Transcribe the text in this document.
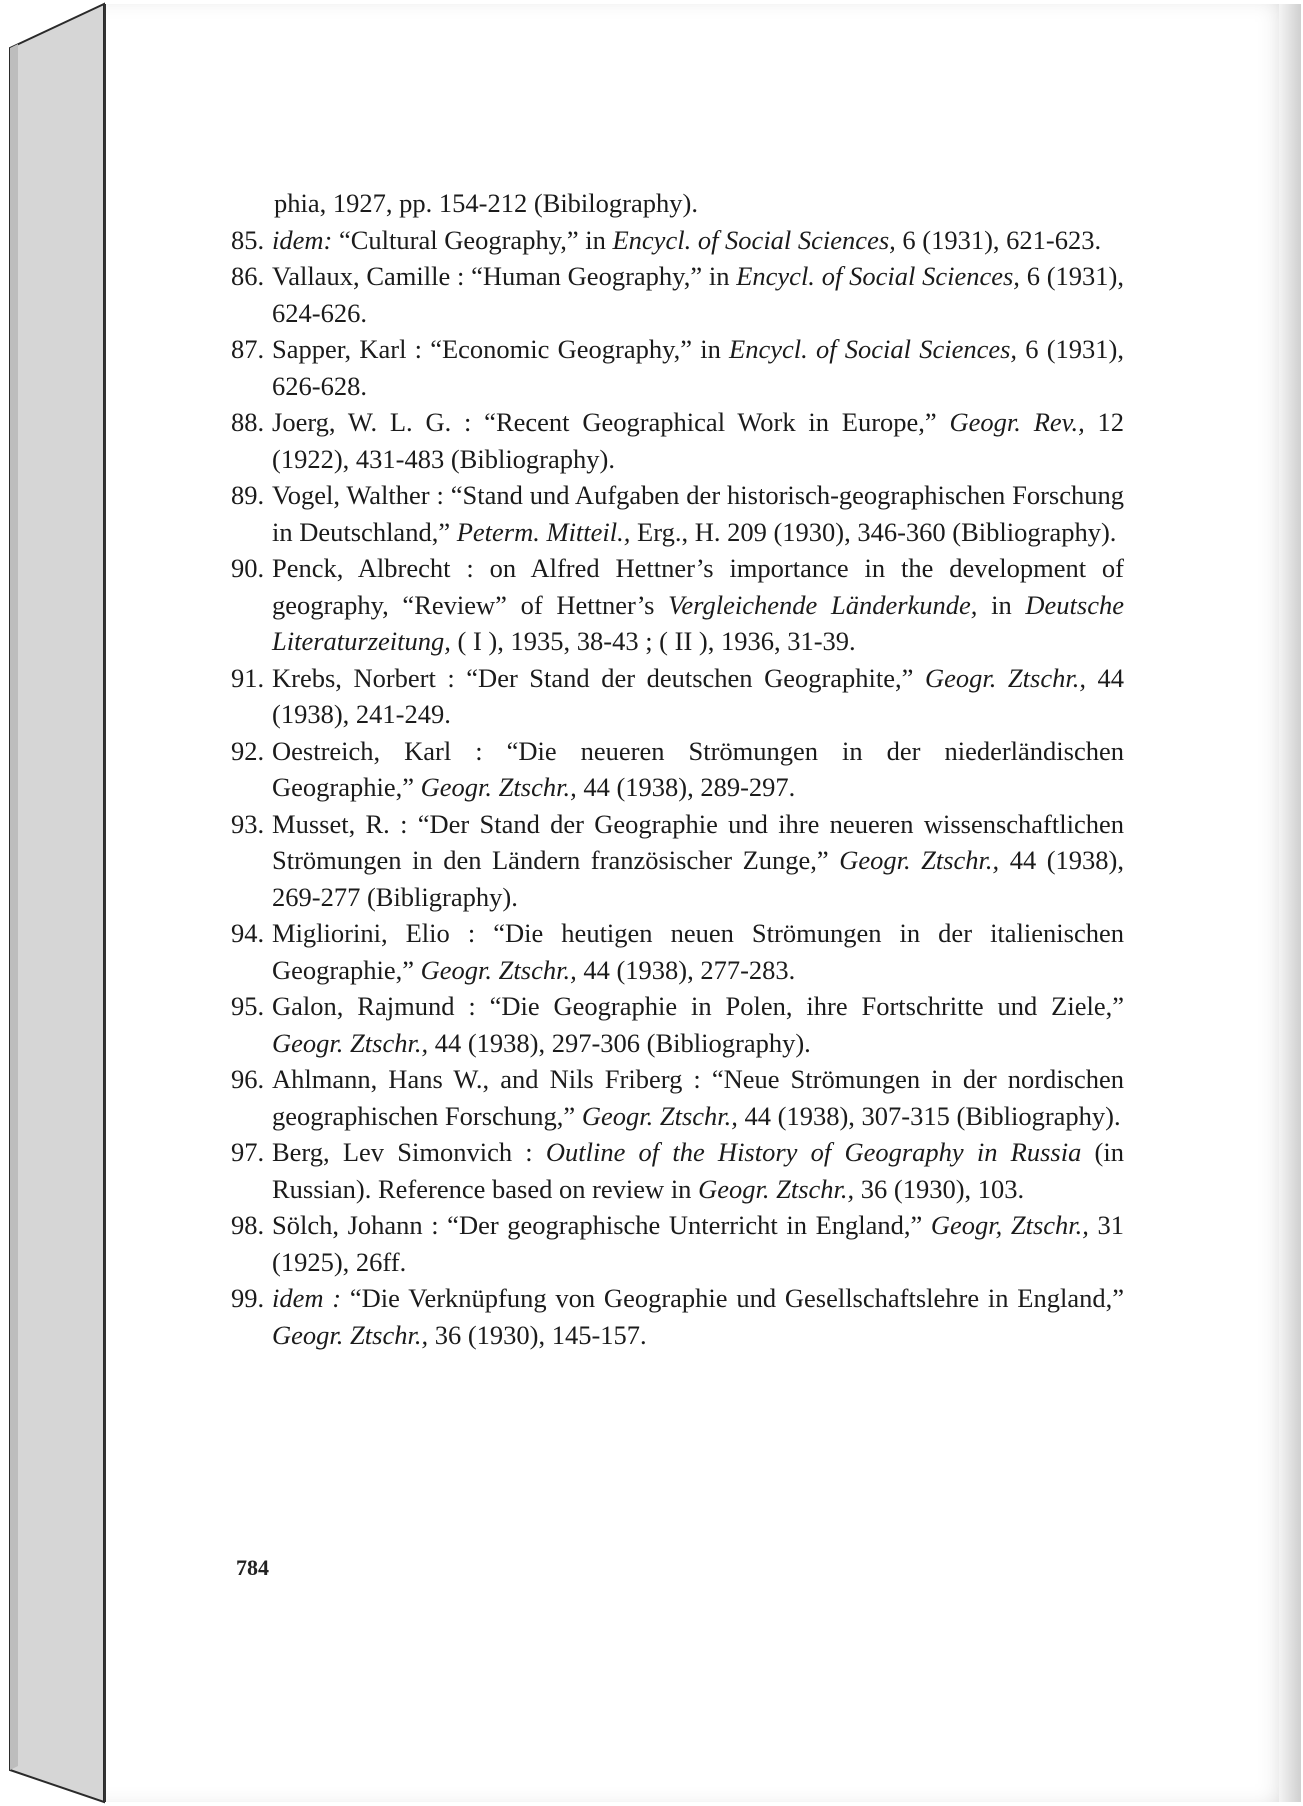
phia, 1927, pp. 154-212 (Bibilography).
85. idem: “Cultural Geography,” in Encycl. of Social Sciences, 6 (1931), 621-623.
86. Vallaux, Camille : “Human Geography,” in Encycl. of Social Sciences, 6 (1931), 624-626.
87. Sapper, Karl : “Economic Geography,” in Encycl. of Social Sciences, 6 (1931), 626-628.
88. Joerg, W. L. G. : “Recent Geographical Work in Europe,” Geogr. Rev., 12 (1922), 431-483 (Bibliography).
89. Vogel, Walther : “Stand und Aufgaben der historisch-geographischen Forschung in Deutschland,” Peterm. Mitteil., Erg., H. 209 (1930), 346-360 (Bibliography).
90. Penck, Albrecht : on Alfred Hettner’s importance in the development of geography, “Review” of Hettner’s Vergleichende Länderkunde, in Deutsche Literaturzeitung, ( I ), 1935, 38-43 ; ( II ), 1936, 31-39.
91. Krebs, Norbert : “Der Stand der deutschen Geographite,” Geogr. Ztschr., 44 (1938), 241-249.
92. Oestreich, Karl : “Die neueren Strömungen in der niederländischen Geographie,” Geogr. Ztschr., 44 (1938), 289-297.
93. Musset, R. : “Der Stand der Geographie und ihre neueren wissenschaftlichen Strömungen in den Ländern französischer Zunge,” Geogr. Ztschr., 44 (1938), 269-277 (Bibligraphy).
94. Migliorini, Elio : “Die heutigen neuen Strömungen in der italienischen Geographie,” Geogr. Ztschr., 44 (1938), 277-283.
95. Galon, Rajmund : “Die Geographie in Polen, ihre Fortschritte und Ziele,” Geogr. Ztschr., 44 (1938), 297-306 (Bibliography).
96. Ahlmann, Hans W., and Nils Friberg : “Neue Strömungen in der nordischen geographischen Forschung,” Geogr. Ztschr., 44 (1938), 307-315 (Bibliography).
97. Berg, Lev Simonvich : Outline of the History of Geography in Russia (in Russian). Reference based on review in Geogr. Ztschr., 36 (1930), 103.
98. Sölch, Johann : “Der geographische Unterricht in England,” Geogr, Ztschr., 31 (1925), 26ff.
99. idem : “Die Verknüpfung von Geographie und Gesellschaftslehre in England,” Geogr. Ztschr., 36 (1930), 145-157.
784
